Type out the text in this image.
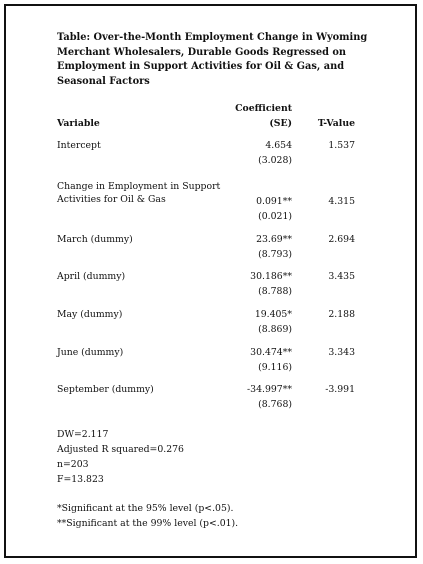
Table: Over-the-Month Employment Change in Wyoming Merchant Wholesalers, Durable Goods Regressed on Employment in Support Activities for Oil & Gas, and Seasonal Factors
Coefficient
Variable	(SE)	T-Value
Intercept	4.654	1.537
(3.028)
Change in Employment in Support
Activities for Oil & Gas	0.091**	4.315
(0.021)
March (dummy)	23.69**	2.694
(8.793)
April (dummy)	30.186**	3.435
(8.788)
May (dummy)	19.405*	2.188
(8.869)
June (dummy)	30.474**	3.343
(9.116)
September (dummy)	-34.997**	-3.991
(8.768)
DW=2.117
Adjusted R squared=0.276
n=203
F=13.823
*Significant at the 95% level (p<.05).
**Significant at the 99% level (p<.01).
